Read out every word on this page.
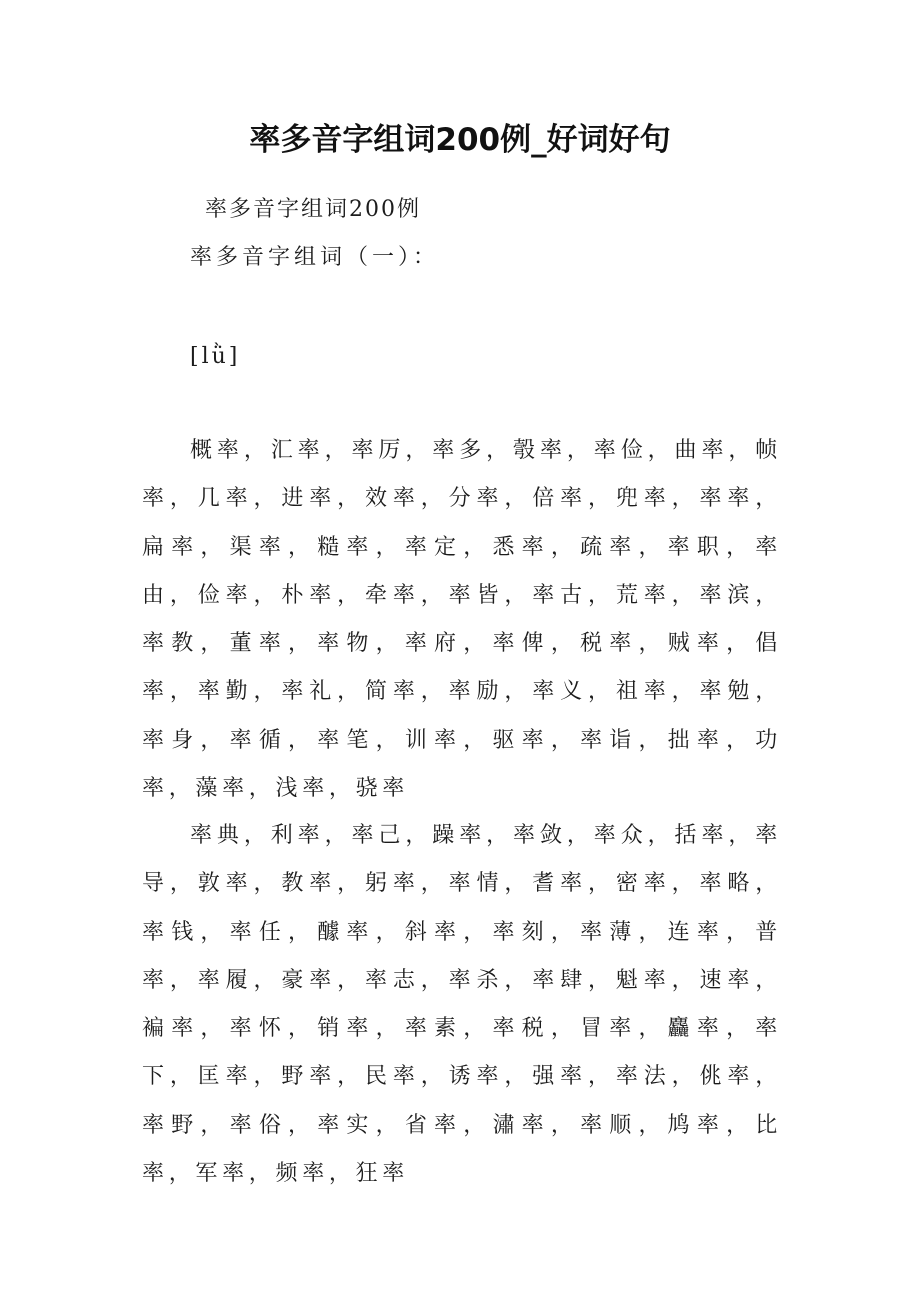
率多音字组词200例_好词好句
率多音字组词200例
率多音字组词（一）：
[lǜ]
概率，汇率，率厉，率多，彀率，率俭，曲率，帧率，几率，进率，效率，分率，倍率，兜率，率率，扁率，渠率，糙率，率定，悉率，疏率，率职，率由，俭率，朴率，牵率，率皆，率古，荒率，率滨，率教，董率，率物，率府，率俾，税率，贼率，倡率，率勤，率礼，简率，率励，率义，祖率，率勉，率身，率循，率笔，训率，驱率，率诣，拙率，功率，藻率，浅率，骁率
率典，利率，率己，躁率，率敛，率众，括率，率导，敦率，教率，躬率，率情，耆率，密率，率略，率钱，率任，醵率，斜率，率刻，率薄，连率，普率，率履，豪率，率志，率杀，率肆，魁率，速率，褊率，率怀，销率，率素，率税，冒率，麤率，率下，匡率，野率，民率，诱率，强率，率法，佻率，率野，率俗，率实，省率，潚率，率顺，鸠率，比率，军率，频率，狂率
